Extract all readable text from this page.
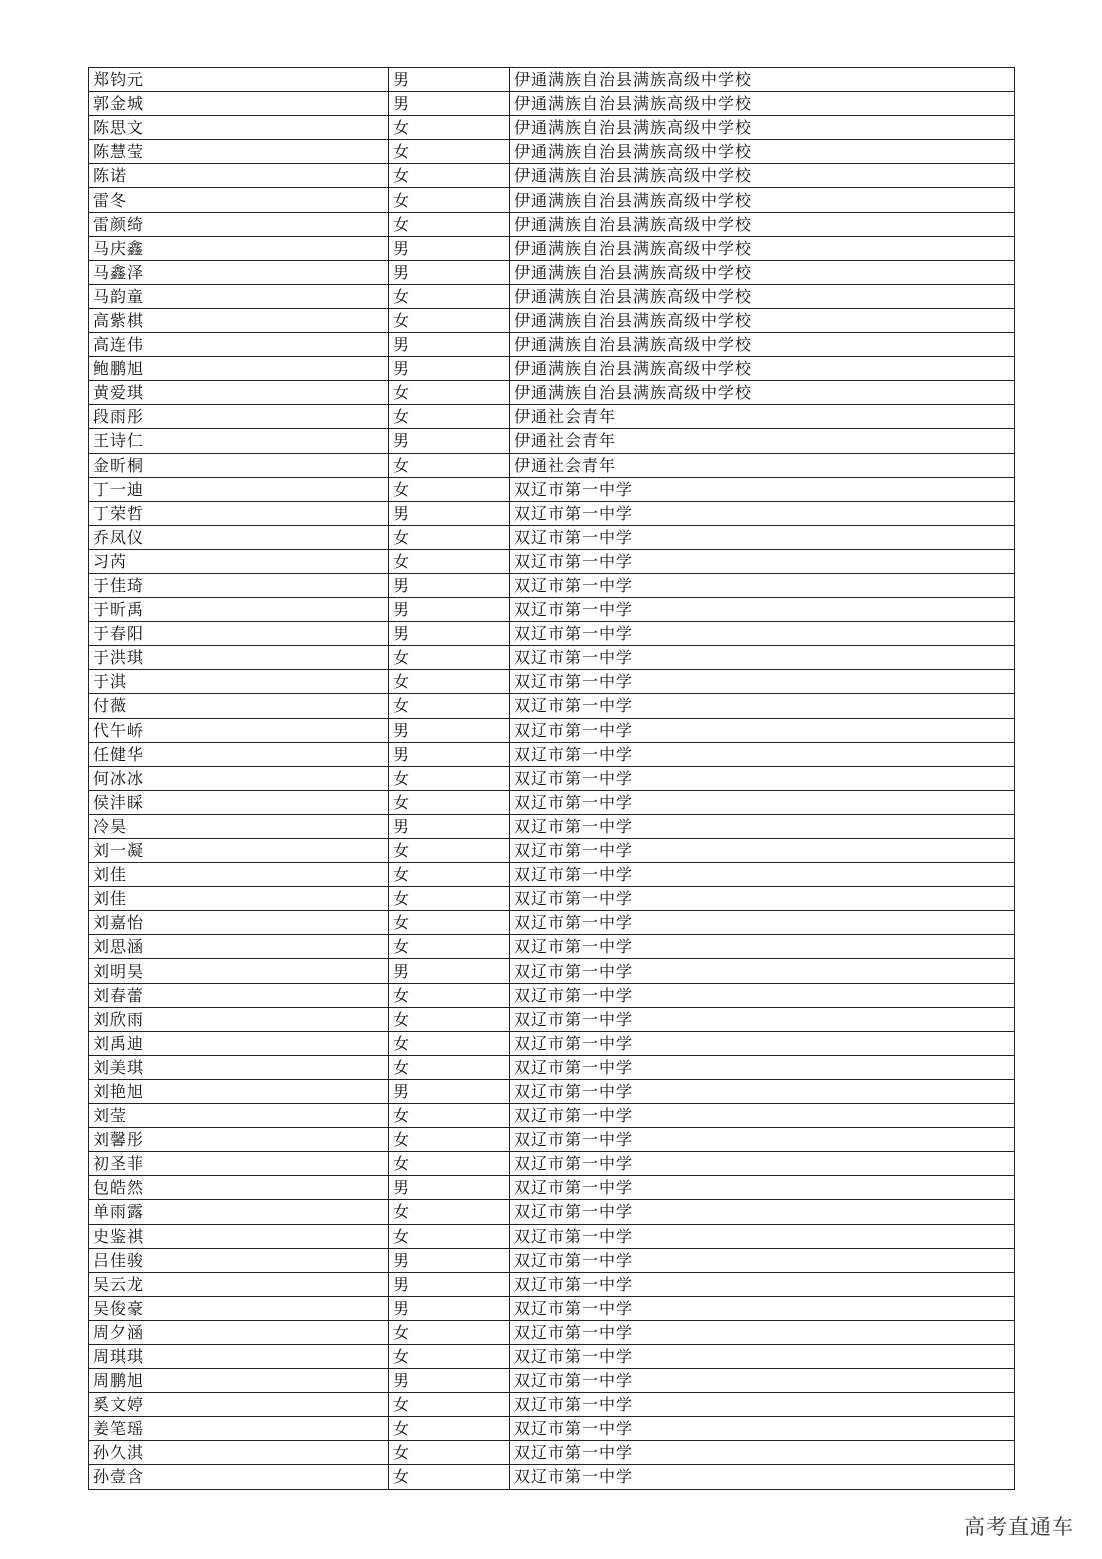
郑钧元	男	伊通满族自治县满族高级中学校
郭金城	男	伊通满族自治县满族高级中学校
陈思文	女	伊通满族自治县满族高级中学校
陈慧莹	女	伊通满族自治县满族高级中学校
陈诺	女	伊通满族自治县满族高级中学校
雷冬	女	伊通满族自治县满族高级中学校
雷颜绮	女	伊通满族自治县满族高级中学校
马庆鑫	男	伊通满族自治县满族高级中学校
马鑫泽	男	伊通满族自治县满族高级中学校
马韵童	女	伊通满族自治县满族高级中学校
高紫棋	女	伊通满族自治县满族高级中学校
高连伟	男	伊通满族自治县满族高级中学校
鲍鹏旭	男	伊通满族自治县满族高级中学校
黄爱琪	女	伊通满族自治县满族高级中学校
段雨彤	女	伊通社会青年
王诗仁	男	伊通社会青年
金昕桐	女	伊通社会青年
丁一迪	女	双辽市第一中学
丁荣哲	男	双辽市第一中学
乔凤仪	女	双辽市第一中学
习芮	女	双辽市第一中学
于佳琦	男	双辽市第一中学
于昕禹	男	双辽市第一中学
于春阳	男	双辽市第一中学
于洪琪	女	双辽市第一中学
于淇	女	双辽市第一中学
付薇	女	双辽市第一中学
代午峤	男	双辽市第一中学
任健华	男	双辽市第一中学
何冰冰	女	双辽市第一中学
侯沣睬	女	双辽市第一中学
冷昊	男	双辽市第一中学
刘一凝	女	双辽市第一中学
刘佳	女	双辽市第一中学
刘佳	女	双辽市第一中学
刘嘉怡	女	双辽市第一中学
刘思涵	女	双辽市第一中学
刘明昊	男	双辽市第一中学
刘春蕾	女	双辽市第一中学
刘欣雨	女	双辽市第一中学
刘禹迪	女	双辽市第一中学
刘美琪	女	双辽市第一中学
刘艳旭	男	双辽市第一中学
刘莹	女	双辽市第一中学
刘馨彤	女	双辽市第一中学
初圣菲	女	双辽市第一中学
包皓然	男	双辽市第一中学
单雨露	女	双辽市第一中学
史鉴祺	女	双辽市第一中学
吕佳骏	男	双辽市第一中学
吴云龙	男	双辽市第一中学
吴俊豪	男	双辽市第一中学
周夕涵	女	双辽市第一中学
周琪琪	女	双辽市第一中学
周鹏旭	男	双辽市第一中学
奚文婷	女	双辽市第一中学
姜笔瑶	女	双辽市第一中学
孙久淇	女	双辽市第一中学
孙壹含	女	双辽市第一中学
高考直通车
